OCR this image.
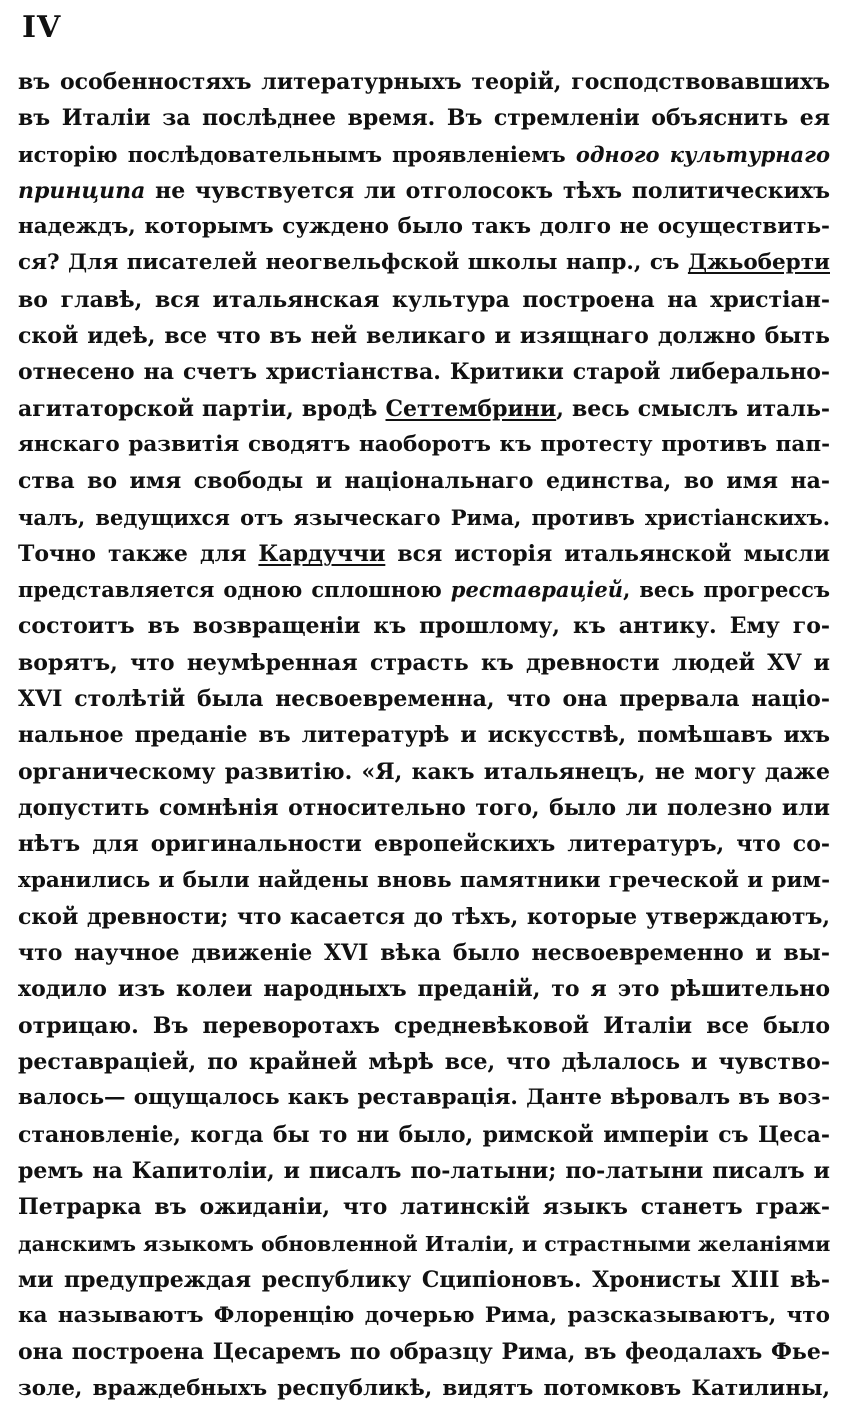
IV
въ особенностяхъ литературныхъ теорій, господствовавшихъ
въ Италіи за послѣднее время. Въ стремленіи объяснить ея
исторію послѣдовательнымъ проявленіемъ одного культурнаго
принципа не чувствуется ли отголосокъ тѣхъ политическихъ
надеждъ, которымъ суждено было такъ долго не осуществить-
ся? Для писателей неогвельфской школы напр., съ Джьоберти
во главѣ, вся итальянская культура построена на христіан-
ской идеѣ, все что въ ней великаго и изящнаго должно быть
отнесено на счетъ христіанства. Критики старой либерально-
агитаторской партіи, вродѣ Сеттембрини, весь смыслъ италь-
янскаго развитія сводятъ наоборотъ къ протесту противъ пап-
ства во имя свободы и національнаго единства, во имя на-
чалъ, ведущихся отъ языческаго Рима, противъ христіанскихъ.
Точно также для Кардуччи вся исторія итальянской мысли
представляется одною сплошною реставраціей, весь прогрессъ
состоитъ въ возвращеніи къ прошлому, къ антику. Ему го-
ворятъ, что неумѣренная страсть къ древности людей XV и
XVI столѣтій была несвоевременна, что она прервала націо-
нальное преданіе въ литературѣ и искусствѣ, помѣшавъ ихъ
органическому развитію. «Я, какъ итальянецъ, не могу даже
допустить сомнѣнія относительно того, было ли полезно или
нѣтъ для оригинальности европейскихъ литературъ, что со-
хранились и были найдены вновь памятники греческой и рим-
ской древности; что касается до тѣхъ, которые утверждаютъ,
что научное движеніе XVI вѣка было несвоевременно и вы-
ходило изъ колеи народныхъ преданій, то я это рѣшительно
отрицаю. Въ переворотахъ средневѣковой Италіи все было
реставраціей, по крайней мѣрѣ все, что дѣлалось и чувство-
валось— ощущалось какъ реставрація. Данте вѣровалъ въ воз-
становленіе, когда бы то ни было, римской имперіи съ Цеса-
ремъ на Капитоліи, и писалъ по-латыни; по-латыни писалъ и
Петрарка въ ожиданіи, что латинскій языкъ станетъ граж-
данскимъ языкомъ обновленной Италіи, и страстными желаніями
ми предупреждая республику Сципіоновъ. Хронисты XIII вѣ-
ка называютъ Флоренцію дочерью Рима, разсказываютъ, что
она построена Цесаремъ по образцу Рима, въ феодалахъ Фье-
золе, враждебныхъ республикѣ, видятъ потомковъ Катилины,
